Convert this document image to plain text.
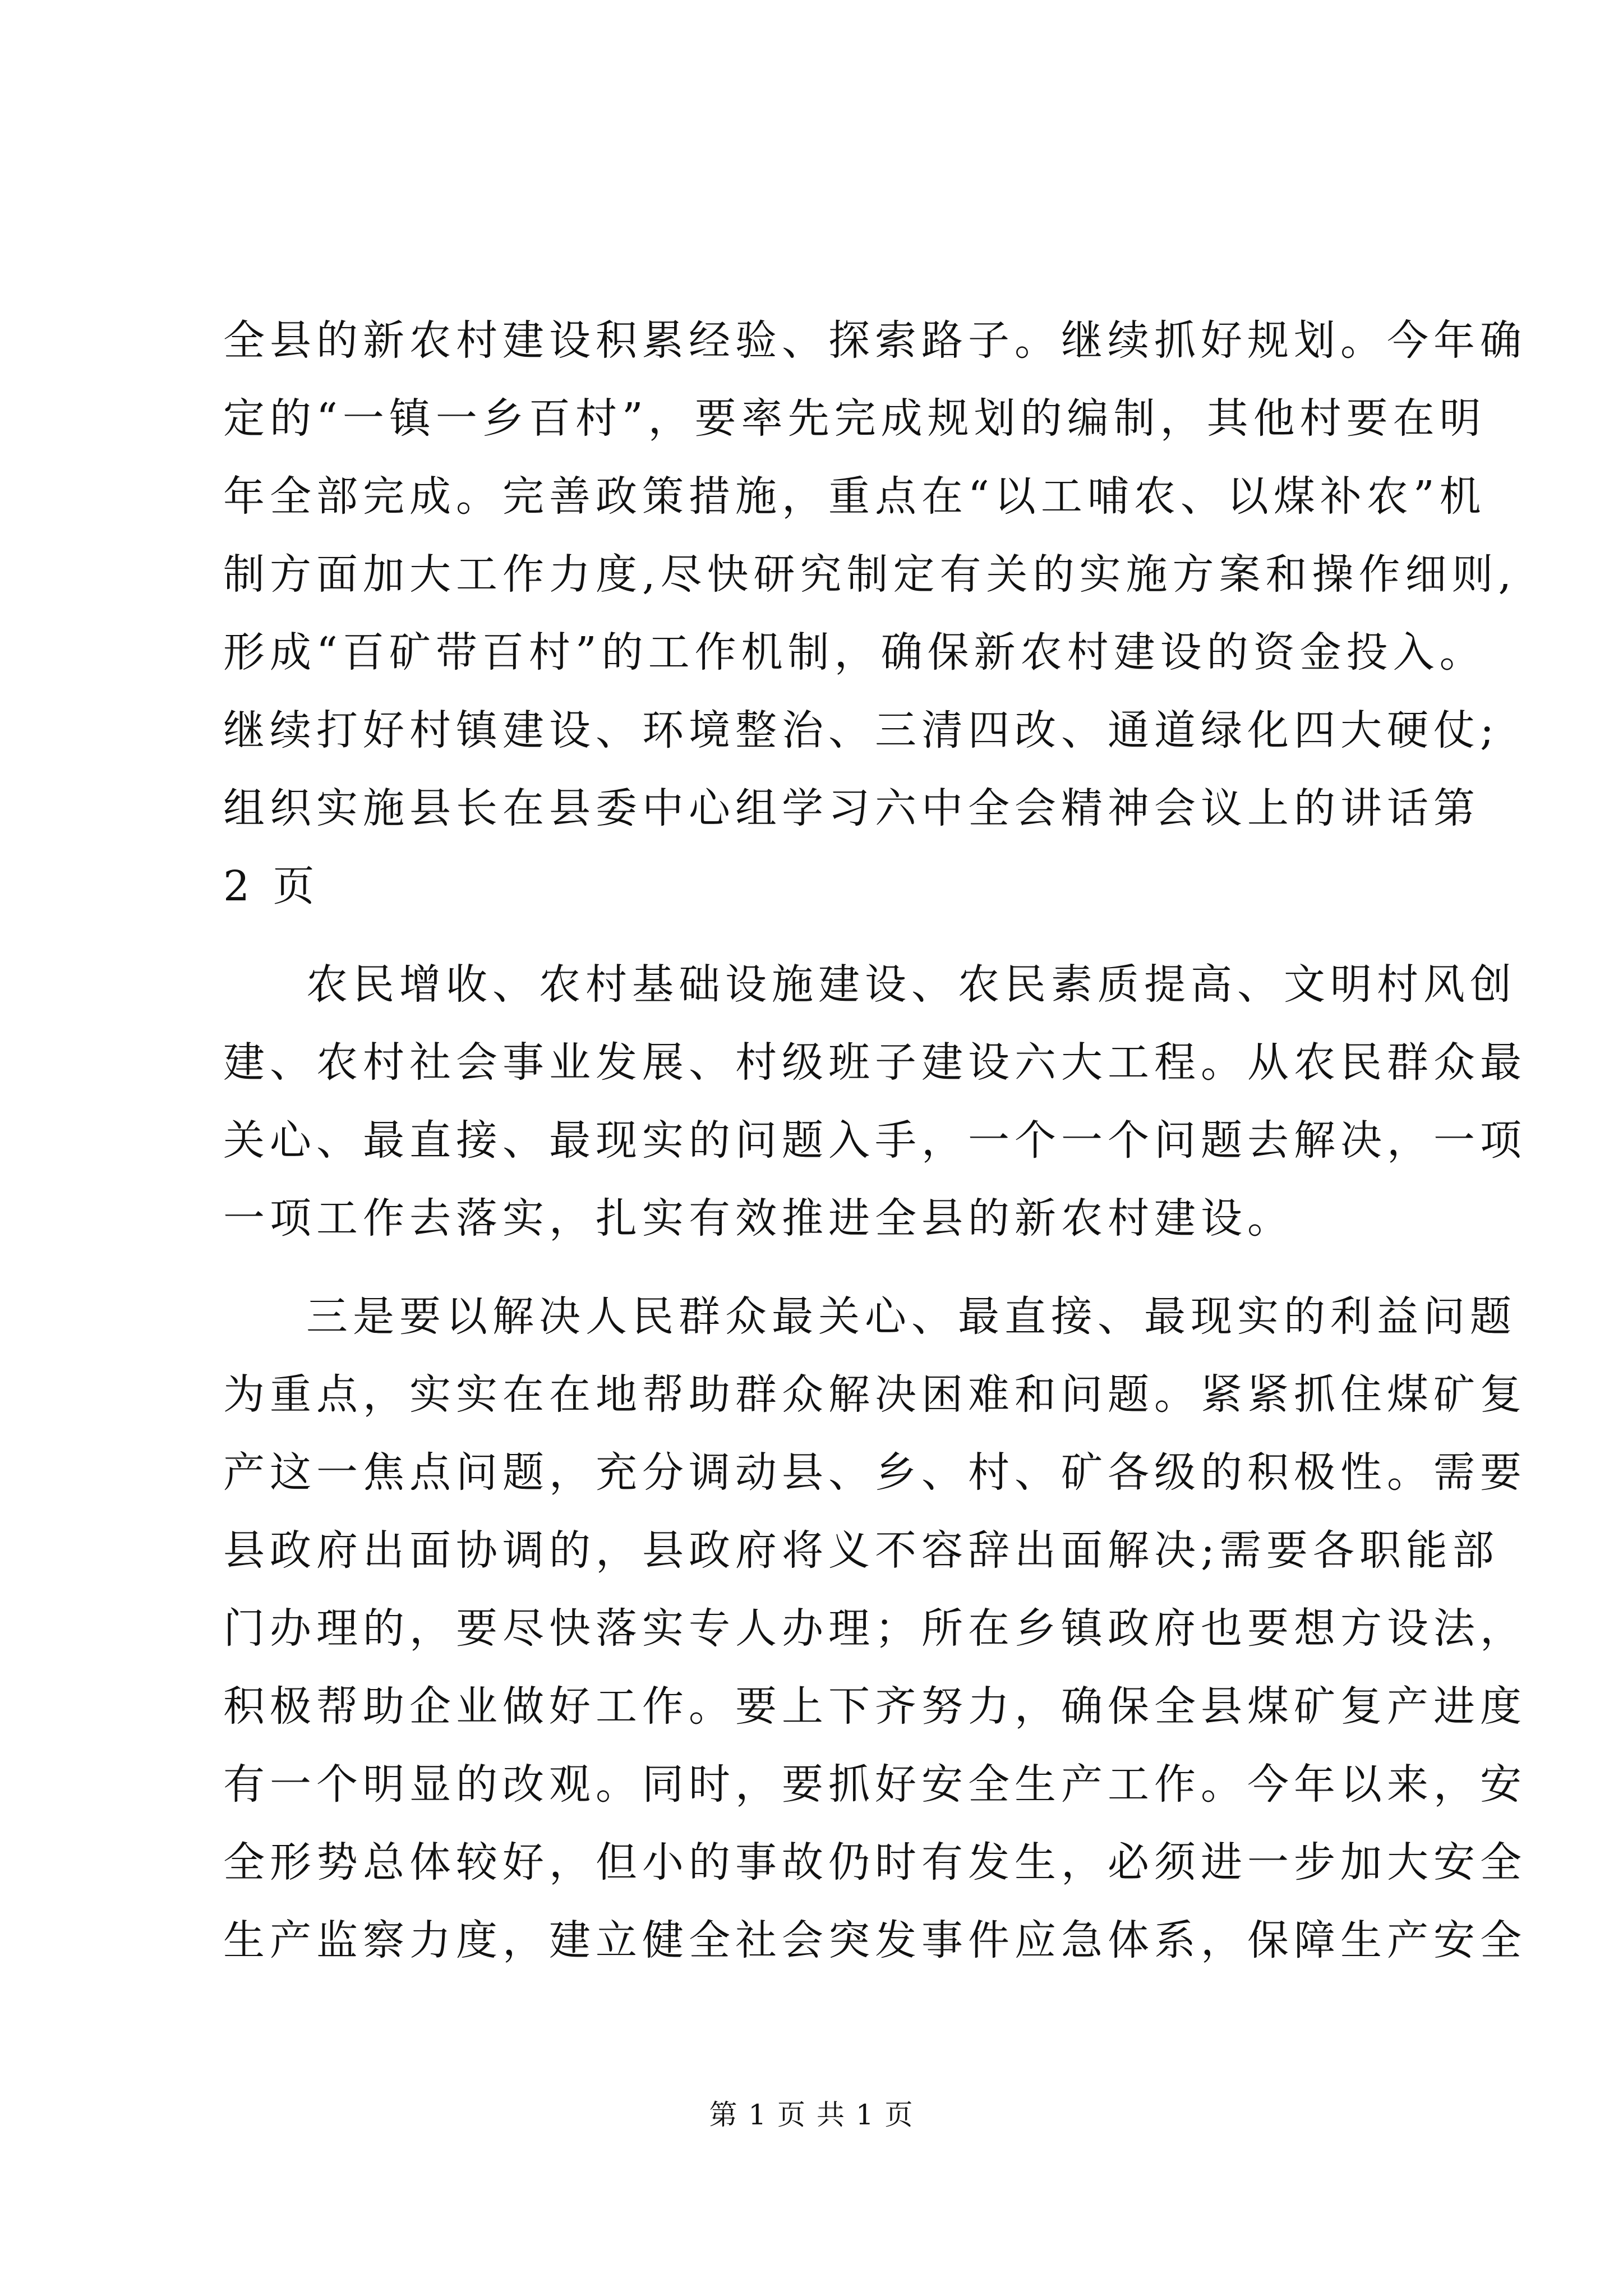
全县的新农村建设积累经验、探索路子。继续抓好规划。今年确
定的“一镇一乡百村”，要率先完成规划的编制，其他村要在明
年全部完成。完善政策措施，重点在“以工哺农、以煤补农”机
制方面加大工作力度,尽快研究制定有关的实施方案和操作细则,
形成“百矿带百村”的工作机制，确保新农村建设的资金投入。
继续打好村镇建设、环境整治、三清四改、通道绿化四大硬仗;
组织实施县长在县委中心组学习六中全会精神会议上的讲话第
2 页
农民增收、农村基础设施建设、农民素质提高、文明村风创
建、农村社会事业发展、村级班子建设六大工程。从农民群众最
关心、最直接、最现实的问题入手，一个一个问题去解决，一项
一项工作去落实，扎实有效推进全县的新农村建设。
三是要以解决人民群众最关心、最直接、最现实的利益问题
为重点，实实在在地帮助群众解决困难和问题。紧紧抓住煤矿复
产这一焦点问题，充分调动县、乡、村、矿各级的积极性。需要
县政府出面协调的，县政府将义不容辞出面解决;需要各职能部
门办理的，要尽快落实专人办理；所在乡镇政府也要想方设法，
积极帮助企业做好工作。要上下齐努力，确保全县煤矿复产进度
有一个明显的改观。同时，要抓好安全生产工作。今年以来，安
全形势总体较好，但小的事故仍时有发生，必须进一步加大安全
生产监察力度，建立健全社会突发事件应急体系，保障生产安全
第 1 页 共 1 页
